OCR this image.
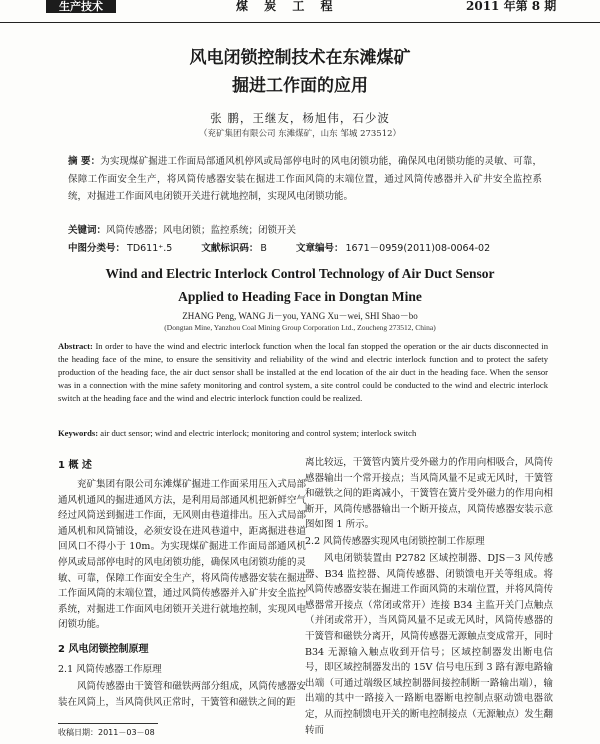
生产技术	煤 炭 工 程	2011 年第 8 期
风电闭锁控制技术在东滩煤矿
掘进工作面的应用
张 鹏，王继友，杨旭伟，石少波
（兖矿集团有限公司 东滩煤矿，山东 邹城 273512）
摘 要：为实现煤矿掘进工作面局部通风机停风或局部停电时的风电闭锁功能，确保风电闭锁功能的灵敏、可靠，保障工作面安全生产，将风筒传感器安装在掘进工作面风筒的末端位置，通过风筒传感器并入矿井安全监控系统，对掘进工作面风电闭锁开关进行就地控制，实现风电闭锁功能。
关键词：风筒传感器；风电闭锁；监控系统；闭锁开关
中图分类号： TD611⁺.5	文献标识码： B	文章编号： 1671－0959(2011)08-0064-02
Wind and Electric Interlock Control Technology of Air Duct Sensor
Applied to Heading Face in Dongtan Mine
ZHANG Peng, WANG Ji－you, YANG Xu－wei, SHI Shao－bo
(Dongtan Mine, Yanzhou Coal Mining Group Corporation Ltd., Zoucheng 273512, China)
Abstract: In order to have the wind and electric interlock function when the local fan stopped the operation or the air ducts disconnected in the heading face of the mine, to ensure the sensitivity and reliability of the wind and electric interlock function and to protect the safety production of the heading face, the air duct sensor shall be installed at the end location of the air duct in the heading face. When the sensor was in a connection with the mine safety monitoring and control system, a site control could be conducted to the wind and electric interlock switch at the heading face and the wind and electric interlock function could be realized.
Keywords: air duct sensor; wind and electric interlock; monitoring and control system; interlock switch
1 概 述

兖矿集团有限公司东滩煤矿掘进工作面采用压入式局部通风机通风的掘进通风方法，是利用局部通风机把新鲜空气经过风筒送到掘进工作面，无风则由巷道排出。压入式局部通风机和风筒铺设，必须安设在进风巷道中，距离掘进巷道回风口不得小于 10m。为实现煤矿掘进工作面局部通风机停风或局部停电时的风电闭锁功能，确保风电闭锁功能的灵敏、可靠，保障工作面安全生产，将风筒传感器安装在掘进工作面风筒的末端位置，通过风筒传感器并入矿井安全监控系统，对掘进工作面风电闭锁开关进行就地控制，实现风电闭锁功能。

2 风电闭锁控制原理
2.1 风筒传感器工作原理

风筒传感器由干簧管和磁铁两部分组成，风筒传感器安装在风筒上，当风筒供风正常时，干簧管和磁铁之间的距

离比较远，干簧管内簧片受外磁力的作用向相吸合，风筒传感器输出一个常开接点；当风筒风量不足或无风时，干簧管和磁铁之间的距离减小，干簧管在簧片受外磁力的作用向相断开，风筒传感器输出一个断开接点，风筒传感器安装示意图如图 1 所示。

2.2 风筒传感器实现风电闭锁控制工作原理

风电闭锁装置由 P2782 区域控制器、DJS－3 风传感器、B34 监控器、风筒传感器、闭锁馈电开关等组成。将风筒传感器安装在掘进工作面风筒的末端位置，并将风筒传感器常开接点（常闭或常开）连接 B34 主监开关门点触点（并闭或常开），当风筒风量不足或无风时，风筒传感器的干簧管和磁铁分离开，风筒传感器无源触点变成常开，同时 B34 无源输入触点收到开信号；区域控制器发出断电信号，即区域控制器发出的 15V 信号电压到 3 路有源电路输出端（可通过端级区域控制器间接控制断一路输出端），输出端的其中一路接入一路断电器断电控制点驱动馈电器欲定，从而控制馈电开关的断电控制接点（无源触点）发生翻转而

收稿日期：2011－03－08
